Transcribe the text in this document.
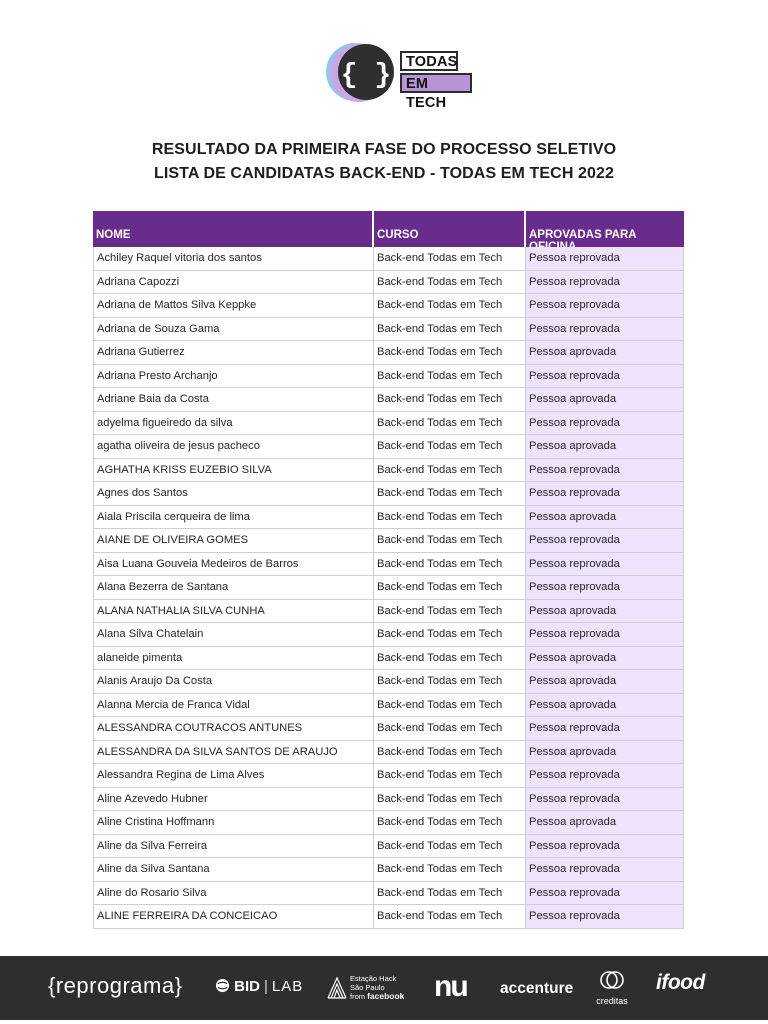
{ }	TODAS
EM TECH
RESULTADO DA PRIMEIRA FASE DO PROCESSO SELETIVO
LISTA DE CANDIDATAS BACK-END - TODAS EM TECH 2022
NOME	CURSO	APROVADAS PARA
Achiley Raquel vitoria dos santos	Back-end Todas em Tech	Pessoa reprovada
Adriana Capozzi	Back-end Todas em Tech	Pessoa reprovada
Adriana de Mattos Silva Keppke	Back-end Todas em Tech	Pessoa reprovada
Adriana de Souza Gama	Back-end Todas em Tech	Pessoa reprovada
Adriana Gutierrez	Back-end Todas em Tech	Pessoa aprovada
Adriana Presto Archanjo	Back-end Todas em Tech	Pessoa reprovada
Adriane Baia da Costa	Back-end Todas em Tech	Pessoa aprovada
adyelma figueiredo da silva	Back-end Todas em Tech	Pessoa reprovada
agatha oliveira de jesus pacheco	Back-end Todas em Tech	Pessoa aprovada
AGHATHA KRISS EUZEBIO SILVA	Back-end Todas em Tech	Pessoa reprovada
Agnes dos Santos	Back-end Todas em Tech	Pessoa reprovada
Aiala Priscila cerqueira de lima	Back-end Todas em Tech	Pessoa aprovada
AIANE DE OLIVEIRA GOMES	Back-end Todas em Tech	Pessoa reprovada
Aisa Luana Gouveia Medeiros de Barros	Back-end Todas em Tech	Pessoa reprovada
Alana Bezerra de Santana	Back-end Todas em Tech	Pessoa reprovada
ALANA NATHALIA SILVA CUNHA	Back-end Todas em Tech	Pessoa aprovada
Alana Silva Chatelain	Back-end Todas em Tech	Pessoa reprovada
alaneide pimenta	Back-end Todas em Tech	Pessoa aprovada
Alanis Araujo Da Costa	Back-end Todas em Tech	Pessoa aprovada
Alanna Mercia de Franca Vidal	Back-end Todas em Tech	Pessoa aprovada
ALESSANDRA COUTRACOS ANTUNES	Back-end Todas em Tech	Pessoa reprovada
ALESSANDRA DA SILVA SANTOS DE ARAUJO	Back-end Todas em Tech	Pessoa aprovada
Alessandra Regina de Lima Alves	Back-end Todas em Tech	Pessoa reprovada
Aline Azevedo Hubner	Back-end Todas em Tech	Pessoa reprovada
Aline Cristina Hoffmann	Back-end Todas em Tech	Pessoa aprovada
Aline da Silva Ferreira	Back-end Todas em Tech	Pessoa reprovada
Aline da Silva Santana	Back-end Todas em Tech	Pessoa reprovada
Aline do Rosario Silva	Back-end Todas em Tech	Pessoa reprovada
ALINE FERREIRA DA CONCEICAO	Back-end Todas em Tech	Pessoa reprovada
{reprograma}	BID | LAB	Estação Hack
São Paulo
from facebook nu accenture
creditas
ifood
